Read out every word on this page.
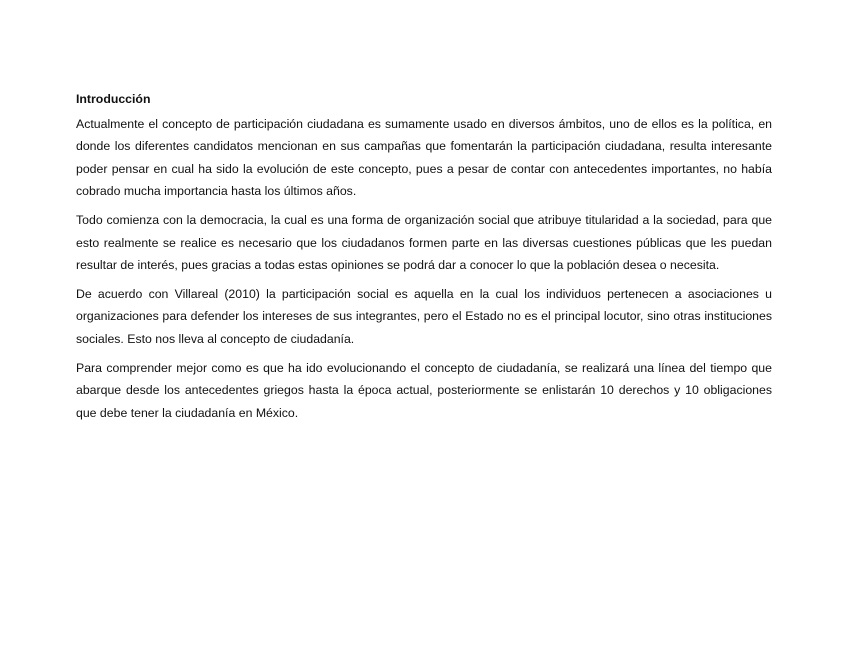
Introducción

Actualmente el concepto de participación ciudadana es sumamente usado en diversos ámbitos, uno de ellos es la política, en donde los diferentes candidatos mencionan en sus campañas que fomentarán la participación ciudadana, resulta interesante poder pensar en cual ha sido la evolución de este concepto, pues a pesar de contar con antecedentes importantes, no había cobrado mucha importancia hasta los últimos años.

Todo comienza con la democracia, la cual es una forma de organización social que atribuye titularidad a la sociedad, para que esto realmente se realice es necesario que los ciudadanos formen parte en las diversas cuestiones públicas que les puedan resultar de interés, pues gracias a todas estas opiniones se podrá dar a conocer lo que la población desea o necesita.

De acuerdo con Villareal (2010) la participación social es aquella en la cual los individuos pertenecen a asociaciones u organizaciones para defender los intereses de sus integrantes, pero el Estado no es el principal locutor, sino otras instituciones sociales. Esto nos lleva al concepto de ciudadanía.

Para comprender mejor como es que ha ido evolucionando el concepto de ciudadanía, se realizará una línea del tiempo que abarque desde los antecedentes griegos hasta la época actual, posteriormente se enlistarán 10 derechos y 10 obligaciones que debe tener la ciudadanía en México.
